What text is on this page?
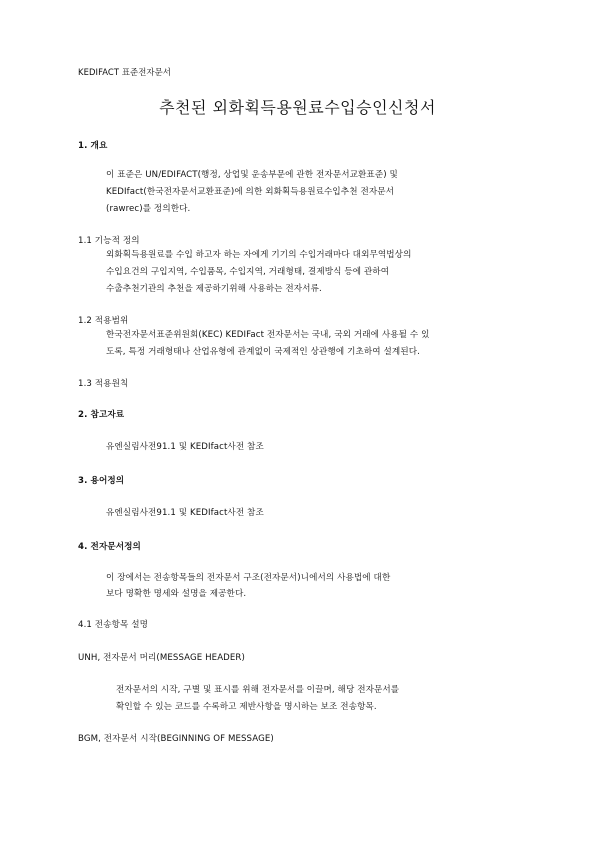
KEDIFACT 표준전자문서
추천된 외화획득용원료수입승인신청서
1. 개요
이 표준은 UN/EDIFACT(행정, 상업및 운송부문에 관한 전자문서교환표준) 및
KEDIfact(한국전자문서교환표준)에 의한 외화획득용원료수입추천 전자문서
(rawrec)를 정의한다.
1.1 기능적 정의
외화획득용원료를 수입 하고자 하는 자에게 기기의 수입거래마다 대외무역법상의
수입요건의 구입지역, 수입품목, 수입지역, 거래형태, 결제방식 등에 관하여
수출추천기관의 추천을 제공하기위해 사용하는 전자서류.
1.2 적용범위
한국전자문서표준위원회(KEC) KEDIFact 전자문서는 국내, 국외 거래에 사용될 수 있
도록, 특정 거래형태나 산업유형에 관계없이 국제적인 상관행에 기초하여 설계된다.
1.3 적용원칙
2. 참고자료
유엔실림사전91.1 및 KEDIfact사전 참조
3. 용어정의
유엔실림사전91.1 및 KEDIfact사전 참조
4. 전자문서정의
이 장에서는 전송항목들의 전자문서 구조(전자문서)니에서의 사용법에 대한
보다 명확한 명세와 설명을 제공한다.
4.1 전송항목 설명
UNH, 전자문서 머리(MESSAGE HEADER)
전자문서의 시작, 구별 및 표시를 위해 전자문서를 이끌며, 해당 전자문서를
확인할 수 있는 코드를 수록하고 제반사항을 명시하는 보조 전송항목.
BGM, 전자문서 시작(BEGINNING OF MESSAGE)
